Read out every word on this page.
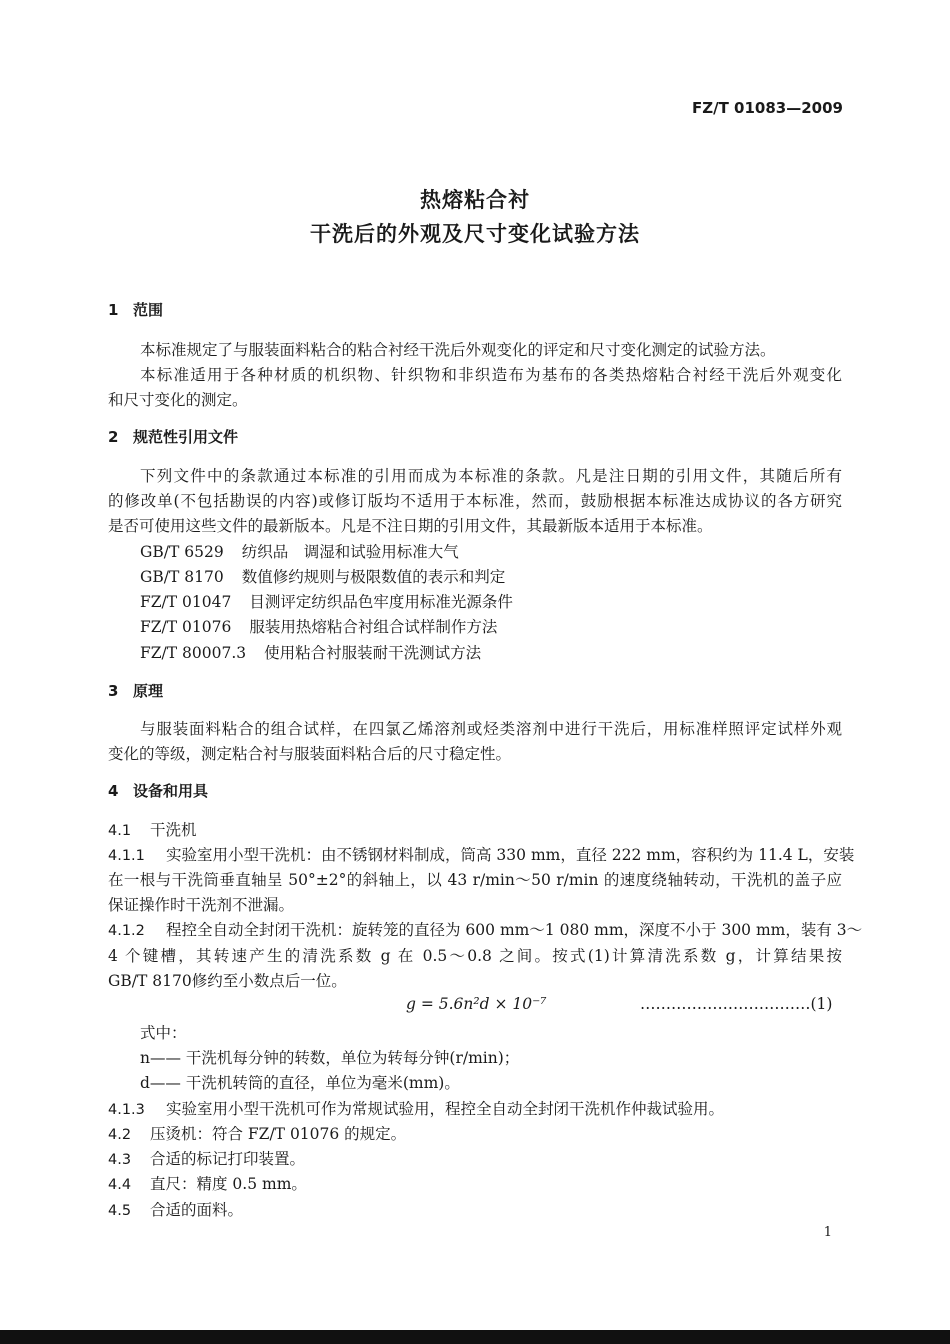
FZ/T 01083—2009
热熔粘合衬
干洗后的外观及尺寸变化试验方法
1 范围
本标准规定了与服装面料粘合的粘合衬经干洗后外观变化的评定和尺寸变化测定的试验方法。
本标准适用于各种材质的机织物、针织物和非织造布为基布的各类热熔粘合衬经干洗后外观变化
和尺寸变化的测定。
2 规范性引用文件
下列文件中的条款通过本标准的引用而成为本标准的条款。凡是注日期的引用文件，其随后所有
的修改单(不包括勘误的内容)或修订版均不适用于本标准，然而，鼓励根据本标准达成协议的各方研究
是否可使用这些文件的最新版本。凡是不注日期的引用文件，其最新版本适用于本标准。
GB/T 6529 纺织品　调湿和试验用标准大气
GB/T 8170 数值修约规则与极限数值的表示和判定
FZ/T 01047 目测评定纺织品色牢度用标准光源条件
FZ/T 01076 服装用热熔粘合衬组合试样制作方法
FZ/T 80007.3 使用粘合衬服装耐干洗测试方法
3 原理
与服装面料粘合的组合试样，在四氯乙烯溶剂或烃类溶剂中进行干洗后，用标准样照评定试样外观
变化的等级，测定粘合衬与服装面料粘合后的尺寸稳定性。
4 设备和用具
4.1 干洗机
4.1.1 实验室用小型干洗机：由不锈钢材料制成，筒高 330 mm，直径 222 mm，容积约为 11.4 L，安装
在一根与干洗筒垂直轴呈 50°±2°的斜轴上，以 43 r/min～50 r/min 的速度绕轴转动，干洗机的盖子应
保证操作时干洗剂不泄漏。
4.1.2 程控全自动全封闭干洗机：旋转笼的直径为 600 mm～1 080 mm，深度不小于 300 mm，装有 3～
4 个键槽，其转速产生的清洗系数 g 在 0.5～0.8 之间。按式(1)计算清洗系数 g，计算结果按
GB/T 8170修约至小数点后一位。
g = 5.6n²d × 10⁻⁷	……………………………(1)
式中：
n—— 干洗机每分钟的转数，单位为转每分钟(r/min)；
d—— 干洗机转筒的直径，单位为毫米(mm)。
4.1.3 实验室用小型干洗机可作为常规试验用，程控全自动全封闭干洗机作仲裁试验用。
4.2 压烫机：符合 FZ/T 01076 的规定。
4.3 合适的标记打印装置。
4.4 直尺：精度 0.5 mm。
4.5 合适的面料。
1
